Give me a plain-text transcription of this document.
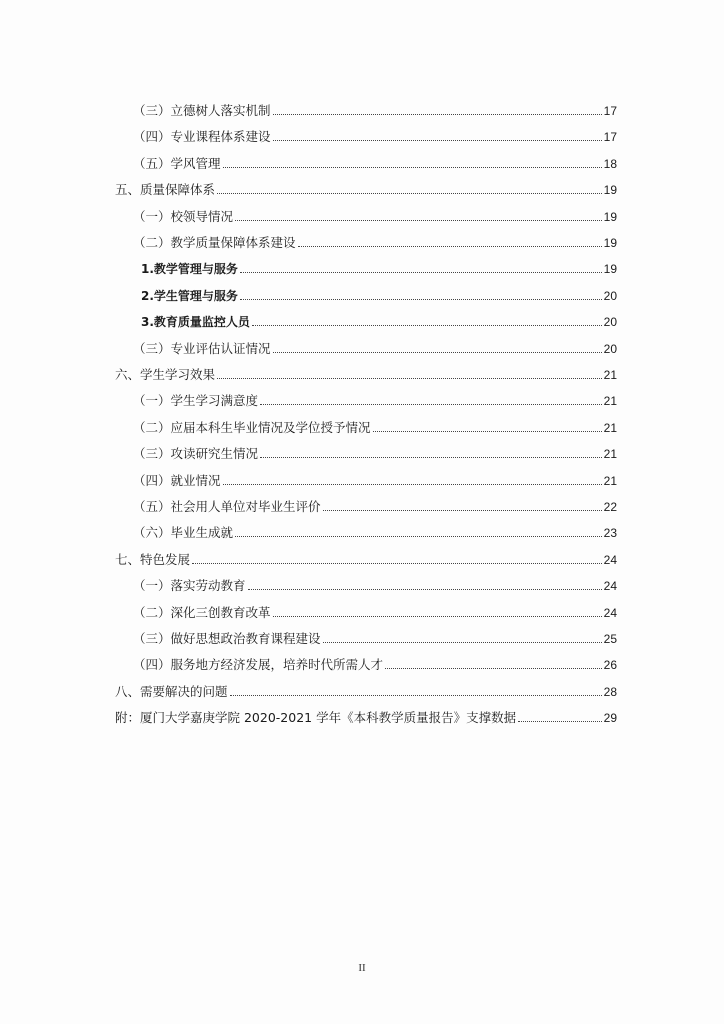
（三）立德树人落实机制	17
（四）专业课程体系建设	17
（五）学风管理	18
五、质量保障体系	19
（一）校领导情况	19
（二）教学质量保障体系建设	19
1.教学管理与服务	19
2.学生管理与服务	20
3.教育质量监控人员	20
（三）专业评估认证情况	20
六、学生学习效果	21
（一）学生学习满意度	21
（二）应届本科生毕业情况及学位授予情况	21
（三）攻读研究生情况	21
（四）就业情况	21
（五）社会用人单位对毕业生评价	22
（六）毕业生成就	23
七、特色发展	24
（一）落实劳动教育	24
（二）深化三创教育改革	24
（三）做好思想政治教育课程建设	25
（四）服务地方经济发展，培养时代所需人才	26
八、需要解决的问题	28
附：厦门大学嘉庚学院 2020-2021 学年《本科教学质量报告》支撑数据	29
II
